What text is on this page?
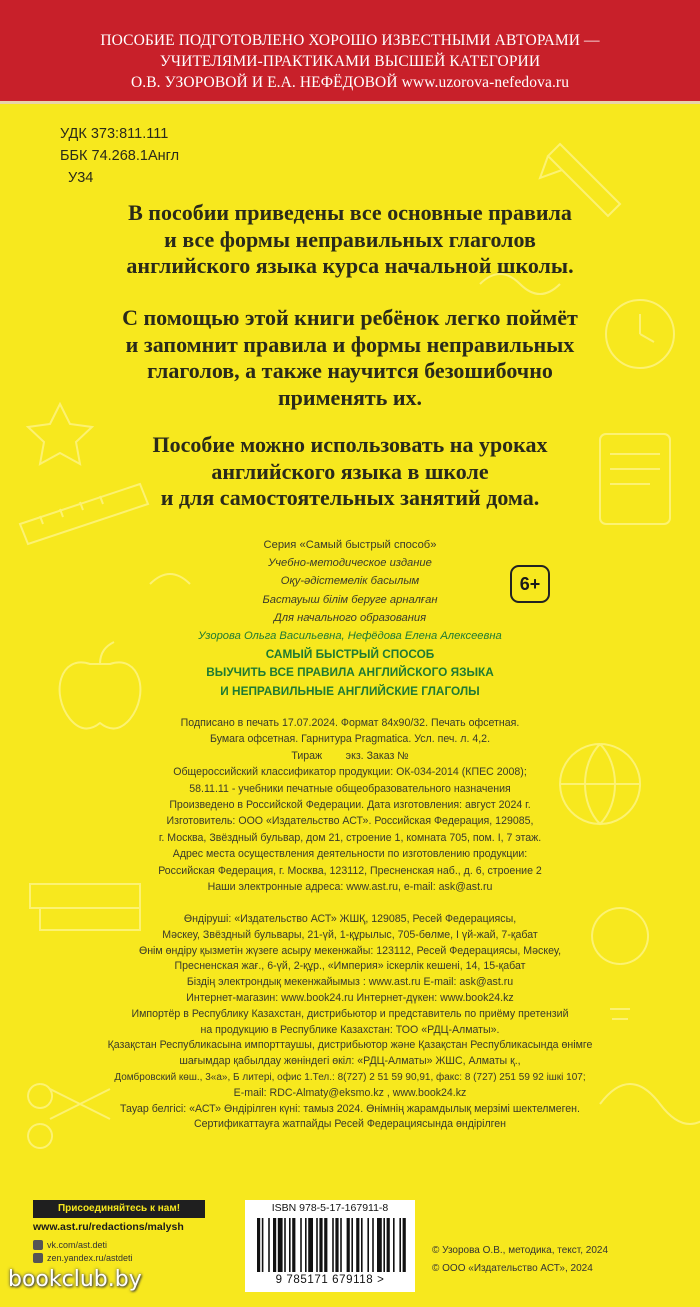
ПОСОБИЕ ПОДГОТОВЛЕНО ХОРОШО ИЗВЕСТНЫМИ АВТОРАМИ —
УЧИТЕЛЯМИ-ПРАКТИКАМИ ВЫСШЕЙ КАТЕГОРИИ
О.В. УЗОРОВОЙ И Е.А. НЕФЁДОВОЙ www.uzorova-nefedova.ru
УДК 373:811.111
ББК 74.268.1Англ
У34
В пособии приведены все основные правила
и все формы неправильных глаголов
английского языка курса начальной школы.
С помощью этой книги ребёнок легко поймёт
и запомнит правила и формы неправильных
глаголов, а также научится безошибочно
применять их.
Пособие можно использовать на уроках
английского языка в школе
и для самостоятельных занятий дома.
Серия «Самый быстрый способ»
Учебно-методическое издание
Оқу-әдістемелік басылым
Бастауыш білім беруге арналған
Для начального образования
Узорова Ольга Васильевна, Нефёдова Елена Алексеевна
САМЫЙ БЫСТРЫЙ СПОСОБ
ВЫУЧИТЬ ВСЕ ПРАВИЛА АНГЛИЙСКОГО ЯЗЫКА
И НЕПРАВИЛЬНЫЕ АНГЛИЙСКИЕ ГЛАГОЛЫ
6+
Подписано в печать 17.07.2024. Формат 84х90/32. Печать офсетная.
Бумага офсетная. Гарнитура Pragmatica. Усл. печ. л. 4,2.
Тираж        экз. Заказ №
Общероссийский классификатор продукции: ОК-034-2014 (КПЕС 2008);
58.11.11 - учебники печатные общеобразовательного назначения
Произведено в Российской Федерации. Дата изготовления: август 2024 г.
Изготовитель: ООО «Издательство АСТ». Российская Федерация, 129085,
г. Москва, Звёздный бульвар, дом 21, строение 1, комната 705, пом. I, 7 этаж.
Адрес места осуществления деятельности по изготовлению продукции:
Российская Федерация, г. Москва, 123112, Пресненская наб., д. 6, строение 2
Наши электронные адреса: www.ast.ru, e-mail: ask@ast.ru
Өндіруші: «Издательство АСТ» ЖШҚ, 129085, Ресей Федерациясы,
Мәскеу, Звёздный бульвары, 21-үй, 1-құрылыс, 705-бөлме, I үй-жай, 7-қабат
Өнім өндіру қызметін жүзеге асыру мекенжайы: 123112, Ресей Федерациясы, Мәскеу,
Пресненская жағ., 6-үй, 2-құр., «Империя» іскерлік кешені, 14, 15-қабат
Біздің электрондық мекенжайымыз : www.ast.ru E-mail: ask@ast.ru
Интернет-магазин: www.book24.ru Интернет-дүкен: www.book24.kz
Импортёр в Республику Казахстан, дистрибьютор и представитель по приёму претензий
на продукцию в Республике Казахстан: ТОО «РДЦ-Алматы».
Қазақстан Республикасына импорттаушы, дистрибьютор және Қазақстан Республикасында өнімге
шағымдар қабылдау жөніндегі өкіл: «РДЦ-Алматы» ЖШС, Алматы қ.,
Домбровский көш., 3«а», Б литері, офис 1.Тел.: 8(727) 2 51 59 90,91, факс: 8 (727) 251 59 92 ішкі 107;
E-mail: RDC-Almaty@eksmo.kz , www.book24.kz
Тауар белгісі: «АСТ» Өндірілген күні: тамыз 2024. Өнімнің жарамдылық мерзімі шектелмеген.
Сертификаттауға жатпайды Ресей Федерациясында өндірілген
Присоединяйтесь к нам!
www.ast.ru/redactions/malysh
vk.com/ast.deti
zen.yandex.ru/astdeti
ISBN 978-5-17-167911-8
9 785171 679118 >
© Узорова О.В., методика, текст, 2024
© ООО «Издательство АСТ», 2024
bookclub.by
